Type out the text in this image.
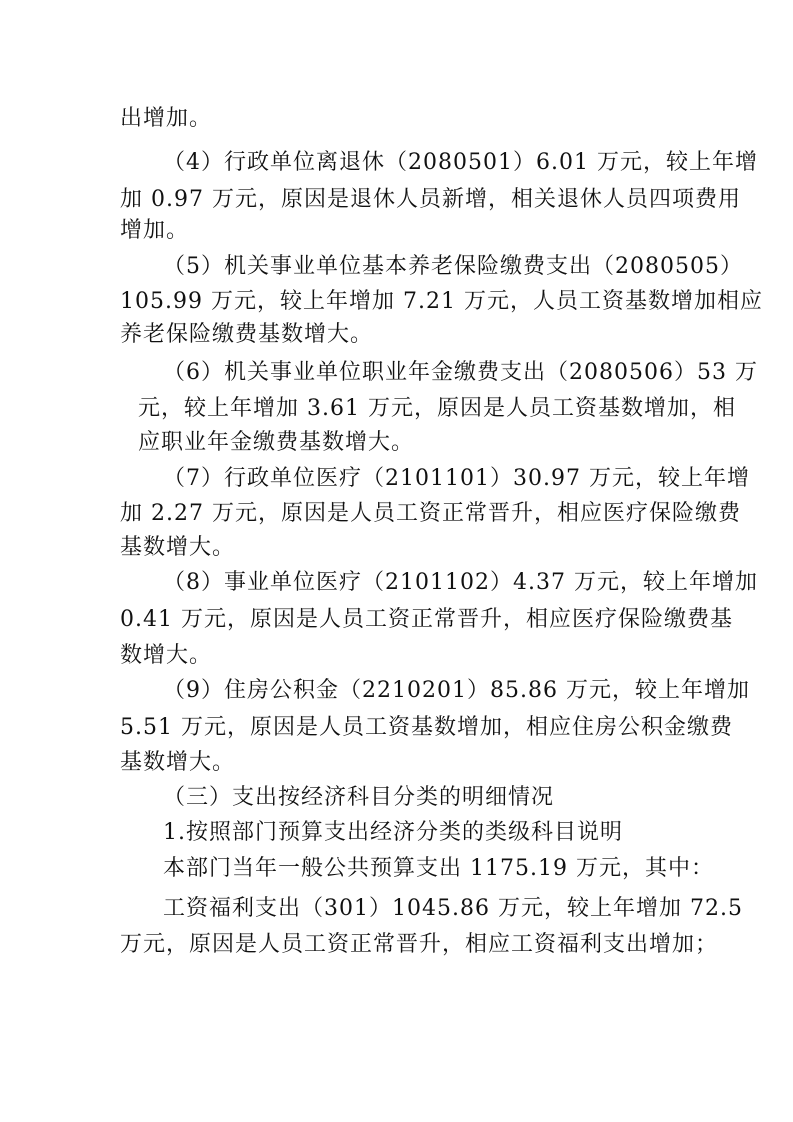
出增加。

（4）行政单位离退休（2080501）6.01 万元，较上年增

加 0.97 万元，原因是退休人员新增，相关退休人员四项费用

增加。

（5）机关事业单位基本养老保险缴费支出（2080505）

105.99 万元，较上年增加 7.21 万元，人员工资基数增加相应

养老保险缴费基数增大。

（6）机关事业单位职业年金缴费支出（2080506）53 万

元，较上年增加 3.61 万元，原因是人员工资基数增加，相

应职业年金缴费基数增大。

（7）行政单位医疗（2101101）30.97 万元，较上年增

加 2.27 万元，原因是人员工资正常晋升，相应医疗保险缴费

基数增大。

（8）事业单位医疗（2101102）4.37 万元，较上年增加

0.41 万元，原因是人员工资正常晋升，相应医疗保险缴费基

数增大。

（9）住房公积金（2210201）85.86 万元，较上年增加

5.51 万元，原因是人员工资基数增加，相应住房公积金缴费

基数增大。

（三）支出按经济科目分类的明细情况

1.按照部门预算支出经济分类的类级科目说明

本部门当年一般公共预算支出 1175.19 万元，其中：

工资福利支出（301）1045.86 万元，较上年增加 72.5

万元，原因是人员工资正常晋升，相应工资福利支出增加；
